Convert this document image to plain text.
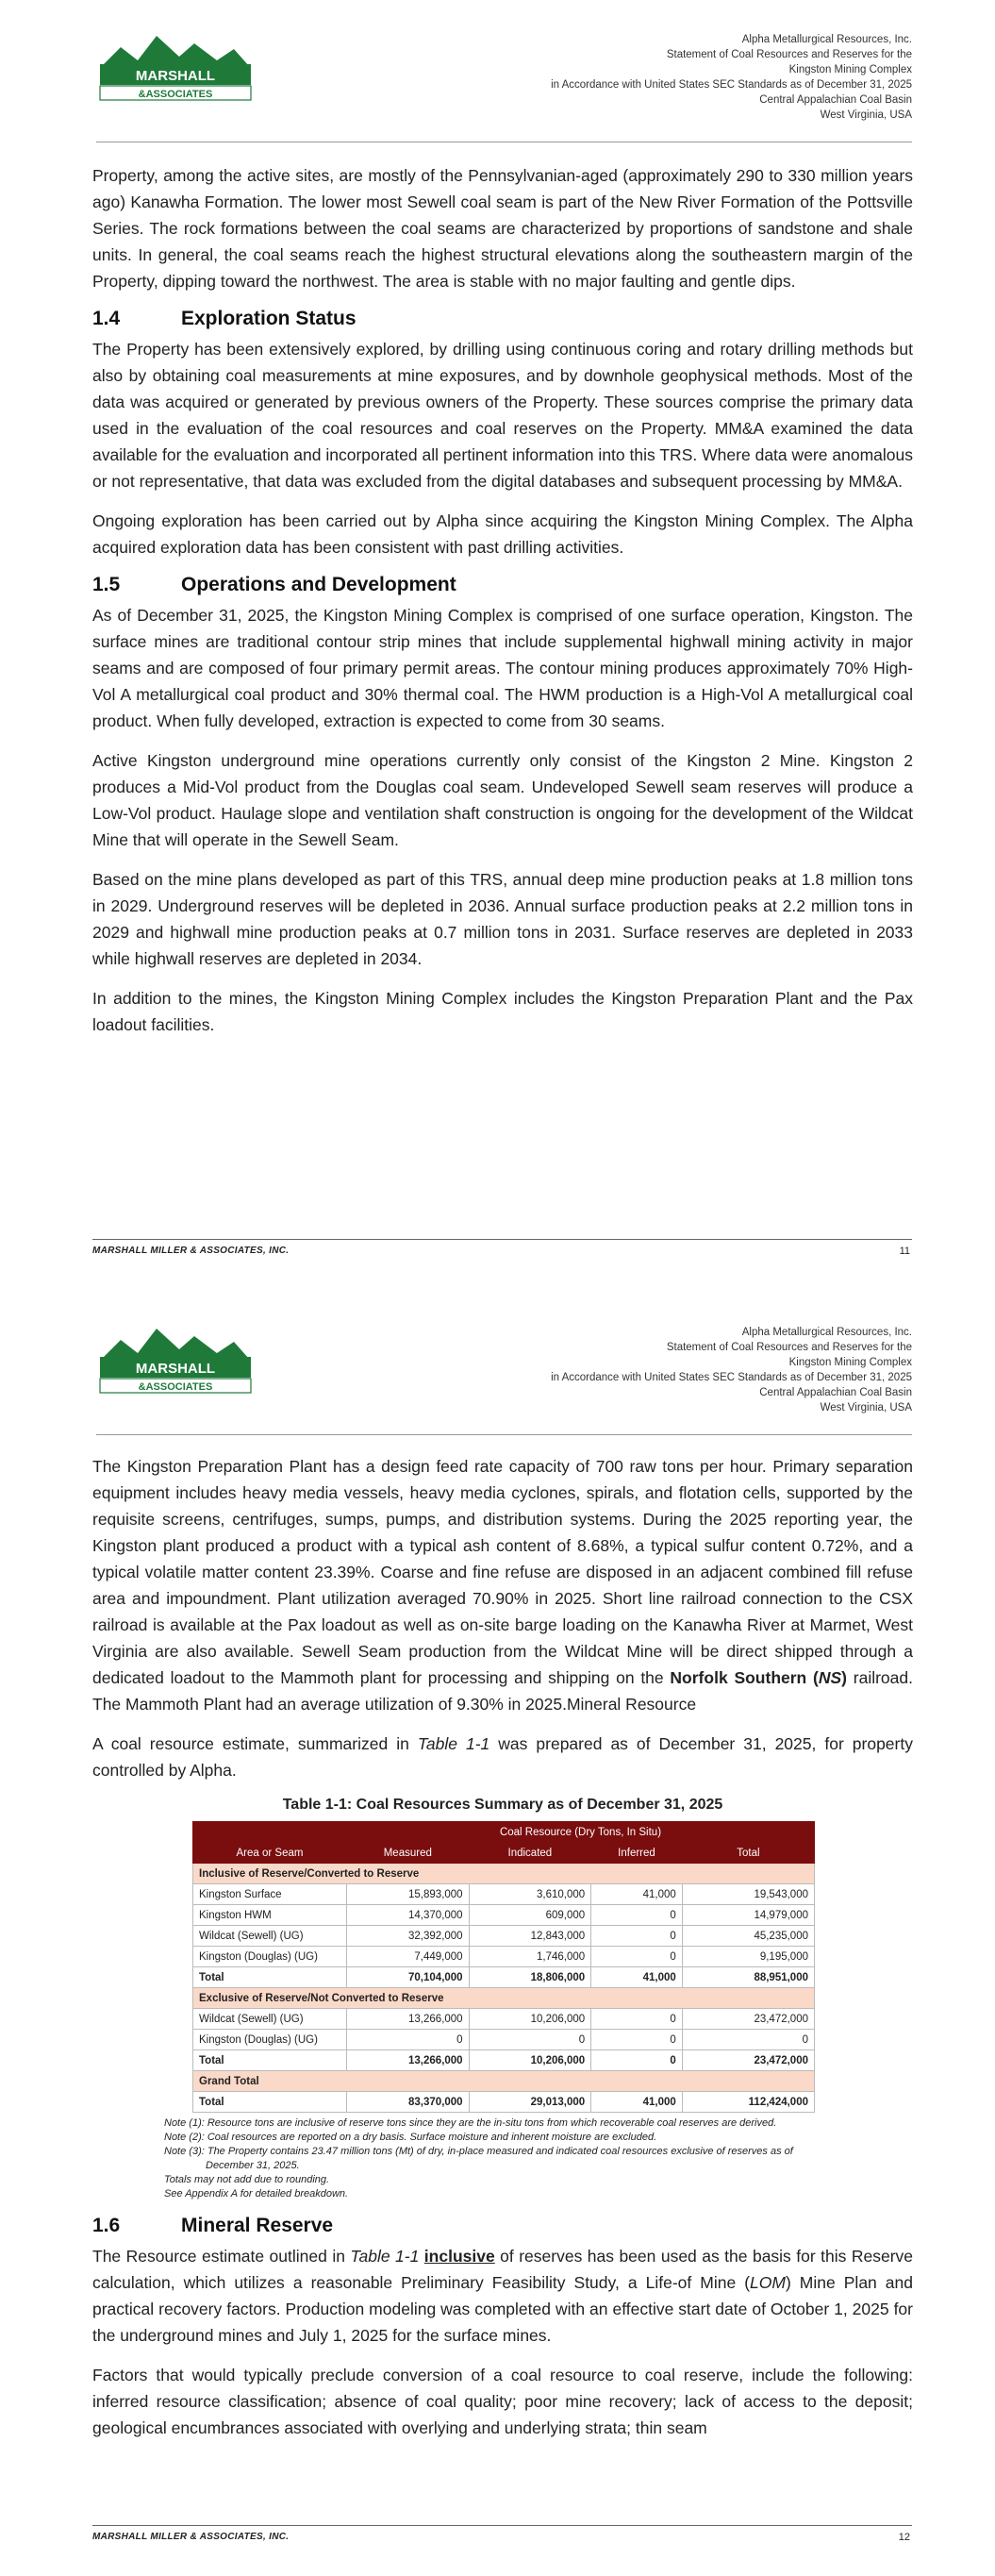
MARSHALL
&ASSOCIATES
Alpha Metallurgical Resources, Inc.
Statement of Coal Resources and Reserves for the
Kingston Mining Complex
in Accordance with United States SEC Standards as of December 31, 2025
Central Appalachian Coal Basin
West Virginia, USA

Property, among the active sites, are mostly of the Pennsylvanian-aged (approximately 290 to 330 million years ago) Kanawha Formation. The lower most Sewell coal seam is part of the New River Formation of the Pottsville Series. The rock formations between the coal seams are characterized by proportions of sandstone and shale units. In general, the coal seams reach the highest structural elevations along the southeastern margin of the Property, dipping toward the northwest. The area is stable with no major faulting and gentle dips.

1.4	Exploration Status

The Property has been extensively explored, by drilling using continuous coring and rotary drilling methods but also by obtaining coal measurements at mine exposures, and by downhole geophysical methods. Most of the data was acquired or generated by previous owners of the Property. These sources comprise the primary data used in the evaluation of the coal resources and coal reserves on the Property. MM&A examined the data available for the evaluation and incorporated all pertinent information into this TRS. Where data were anomalous or not representative, that data was excluded from the digital databases and subsequent processing by MM&A.

Ongoing exploration has been carried out by Alpha since acquiring the Kingston Mining Complex. The Alpha acquired exploration data has been consistent with past drilling activities.

1.5	Operations and Development

As of December 31, 2025, the Kingston Mining Complex is comprised of one surface operation, Kingston. The surface mines are traditional contour strip mines that include supplemental highwall mining activity in major seams and are composed of four primary permit areas. The contour mining produces approximately 70% High-Vol A metallurgical coal product and 30% thermal coal. The HWM production is a High-Vol A metallurgical coal product. When fully developed, extraction is expected to come from 30 seams.

Active Kingston underground mine operations currently only consist of the Kingston 2 Mine. Kingston 2 produces a Mid-Vol product from the Douglas coal seam. Undeveloped Sewell seam reserves will produce a Low-Vol product. Haulage slope and ventilation shaft construction is ongoing for the development of the Wildcat Mine that will operate in the Sewell Seam.

Based on the mine plans developed as part of this TRS, annual deep mine production peaks at 1.8 million tons in 2029. Underground reserves will be depleted in 2036. Annual surface production peaks at 2.2 million tons in 2029 and highwall mine production peaks at 0.7 million tons in 2031. Surface reserves are depleted in 2033 while highwall reserves are depleted in 2034.

In addition to the mines, the Kingston Mining Complex includes the Kingston Preparation Plant and the Pax loadout facilities.

MARSHALL MILLER & ASSOCIATES, INC.	11
MARSHALL
&ASSOCIATES
Alpha Metallurgical Resources, Inc.
Statement of Coal Resources and Reserves for the
Kingston Mining Complex
in Accordance with United States SEC Standards as of December 31, 2025
Central Appalachian Coal Basin
West Virginia, USA

The Kingston Preparation Plant has a design feed rate capacity of 700 raw tons per hour. Primary separation equipment includes heavy media vessels, heavy media cyclones, spirals, and flotation cells, supported by the requisite screens, centrifuges, sumps, pumps, and distribution systems. During the 2025 reporting year, the Kingston plant produced a product with a typical ash content of 8.68%, a typical sulfur content 0.72%, and a typical volatile matter content 23.39%. Coarse and fine refuse are disposed in an adjacent combined fill refuse area and impoundment. Plant utilization averaged 70.90% in 2025. Short line railroad connection to the CSX railroad is available at the Pax loadout as well as on-site barge loading on the Kanawha River at Marmet, West Virginia are also available. Sewell Seam production from the Wildcat Mine will be direct shipped through a dedicated loadout to the Mammoth plant for processing and shipping on the Norfolk Southern (NS) railroad. The Mammoth Plant had an average utilization of 9.30% in 2025.Mineral Resource

A coal resource estimate, summarized in Table 1-1 was prepared as of December 31, 2025, for property controlled by Alpha.

Table 1-1: Coal Resources Summary as of December 31, 2025
	Coal Resource (Dry Tons, In Situ)			
Area or Seam	Measured	Indicated	Inferred	Total
Inclusive of Reserve/Converted to Reserve				
Kingston Surface	15,893,000	3,610,000	41,000	19,543,000
Kingston HWM	14,370,000	609,000	0	14,979,000
Wildcat (Sewell) (UG)	32,392,000	12,843,000	0	45,235,000
Kingston (Douglas) (UG)	7,449,000	1,746,000	0	9,195,000
Total	70,104,000	18,806,000	41,000	88,951,000
Exclusive of Reserve/Not Converted to Reserve				
Wildcat (Sewell) (UG)	13,266,000	10,206,000	0	23,472,000
Kingston (Douglas) (UG)	0	0	0	0
Total	13,266,000	10,206,000	0	23,472,000
Grand Total				
Total	83,370,000	29,013,000	41,000	112,424,000
Note (1): Resource tons are inclusive of reserve tons since they are the in-situ tons from which recoverable coal reserves are derived.
Note (2): Coal resources are reported on a dry basis. Surface moisture and inherent moisture are excluded.
Note (3): The Property contains 23.47 million tons (Mt) of dry, in-place measured and indicated coal resources exclusive of reserves as of
December 31, 2025.
Totals may not add due to rounding.
See Appendix A for detailed breakdown.
1.6	Mineral Reserve

The Resource estimate outlined in Table 1-1 inclusive of reserves has been used as the basis for this Reserve calculation, which utilizes a reasonable Preliminary Feasibility Study, a Life-of Mine (LOM) Mine Plan and practical recovery factors. Production modeling was completed with an effective start date of October 1, 2025 for the underground mines and July 1, 2025 for the surface mines.

Factors that would typically preclude conversion of a coal resource to coal reserve, include the following: inferred resource classification; absence of coal quality; poor mine recovery; lack of access to the deposit; geological encumbrances associated with overlying and underlying strata; thin seam

MARSHALL MILLER & ASSOCIATES, INC.	12
